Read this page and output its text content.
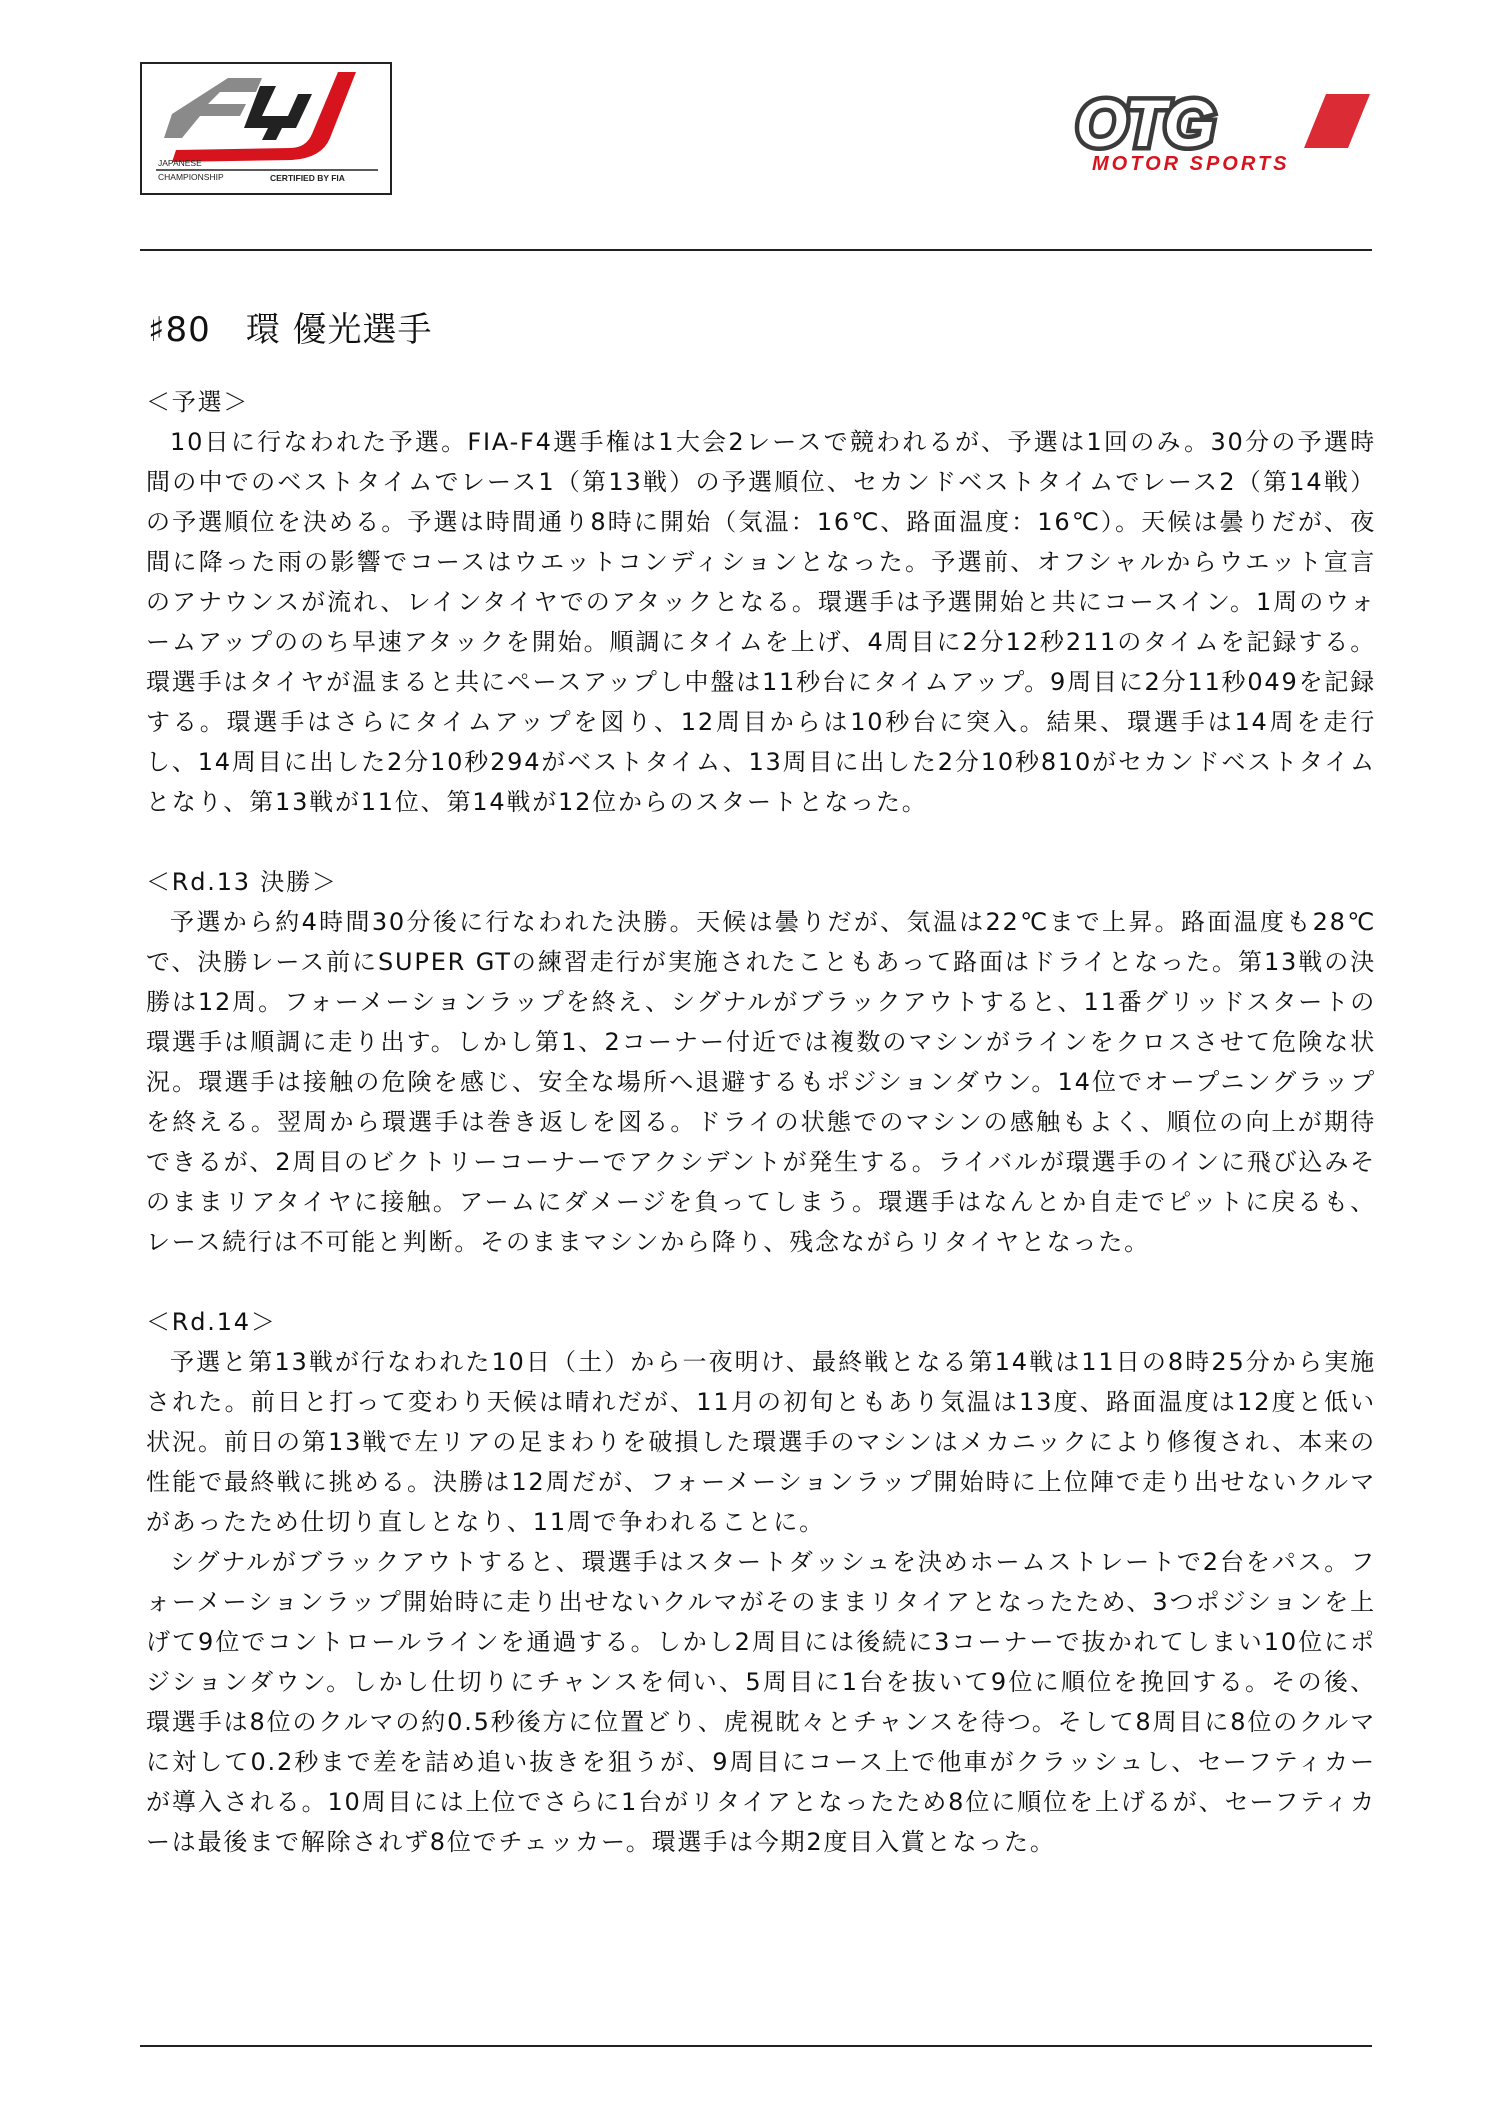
JAPANESE
CHAMPIONSHIP	CERTIFIED BY FIA
OTG
MOTOR SPORTS
♯80　環 優光選手

＜予選＞

10日に行なわれた予選。FIA-F4選手権は1大会2レースで競われるが、予選は1回のみ。30分の予選時間の中でのベストタイムでレース1（第13戦）の予選順位、セカンドベストタイムでレース2（第14戦）の予選順位を決める。予選は時間通り8時に開始（気温：16℃、路面温度：16℃）。天候は曇りだが、夜間に降った雨の影響でコースはウエットコンディションとなった。予選前、オフシャルからウエット宣言のアナウンスが流れ、レインタイヤでのアタックとなる。環選手は予選開始と共にコースイン。1周のウォームアップののち早速アタックを開始。順調にタイムを上げ、4周目に2分12秒211のタイムを記録する。環選手はタイヤが温まると共にペースアップし中盤は11秒台にタイムアップ。9周目に2分11秒049を記録する。環選手はさらにタイムアップを図り、12周目からは10秒台に突入。結果、環選手は14周を走行し、14周目に出した2分10秒294がベストタイム、13周目に出した2分10秒810がセカンドベストタイムとなり、第13戦が11位、第14戦が12位からのスタートとなった。

＜Rd.13 決勝＞

予選から約4時間30分後に行なわれた決勝。天候は曇りだが、気温は22℃まで上昇。路面温度も28℃で、決勝レース前にSUPER GTの練習走行が実施されたこともあって路面はドライとなった。第13戦の決勝は12周。フォーメーションラップを終え、シグナルがブラックアウトすると、11番グリッドスタートの環選手は順調に走り出す。しかし第1、2コーナー付近では複数のマシンがラインをクロスさせて危険な状況。環選手は接触の危険を感じ、安全な場所へ退避するもポジションダウン。14位でオープニングラップを終える。翌周から環選手は巻き返しを図る。ドライの状態でのマシンの感触もよく、順位の向上が期待できるが、2周目のビクトリーコーナーでアクシデントが発生する。ライバルが環選手のインに飛び込みそのままリアタイヤに接触。アームにダメージを負ってしまう。環選手はなんとか自走でピットに戻るも、レース続行は不可能と判断。そのままマシンから降り、残念ながらリタイヤとなった。

＜Rd.14＞

予選と第13戦が行なわれた10日（土）から一夜明け、最終戦となる第14戦は11日の8時25分から実施された。前日と打って変わり天候は晴れだが、11月の初旬ともあり気温は13度、路面温度は12度と低い状況。前日の第13戦で左リアの足まわりを破損した環選手のマシンはメカニックにより修復され、本来の性能で最終戦に挑める。決勝は12周だが、フォーメーションラップ開始時に上位陣で走り出せないクルマがあったため仕切り直しとなり、11周で争われることに。

シグナルがブラックアウトすると、環選手はスタートダッシュを決めホームストレートで2台をパス。フォーメーションラップ開始時に走り出せないクルマがそのままリタイアとなったため、3つポジションを上げて9位でコントロールラインを通過する。しかし2周目には後続に3コーナーで抜かれてしまい10位にポジションダウン。しかし仕切りにチャンスを伺い、5周目に1台を抜いて9位に順位を挽回する。その後、環選手は8位のクルマの約0.5秒後方に位置どり、虎視眈々とチャンスを待つ。そして8周目に8位のクルマに対して0.2秒まで差を詰め追い抜きを狙うが、9周目にコース上で他車がクラッシュし、セーフティカーが導入される。10周目には上位でさらに1台がリタイアとなったため8位に順位を上げるが、セーフティカーは最後まで解除されず8位でチェッカー。環選手は今期2度目入賞となった。
